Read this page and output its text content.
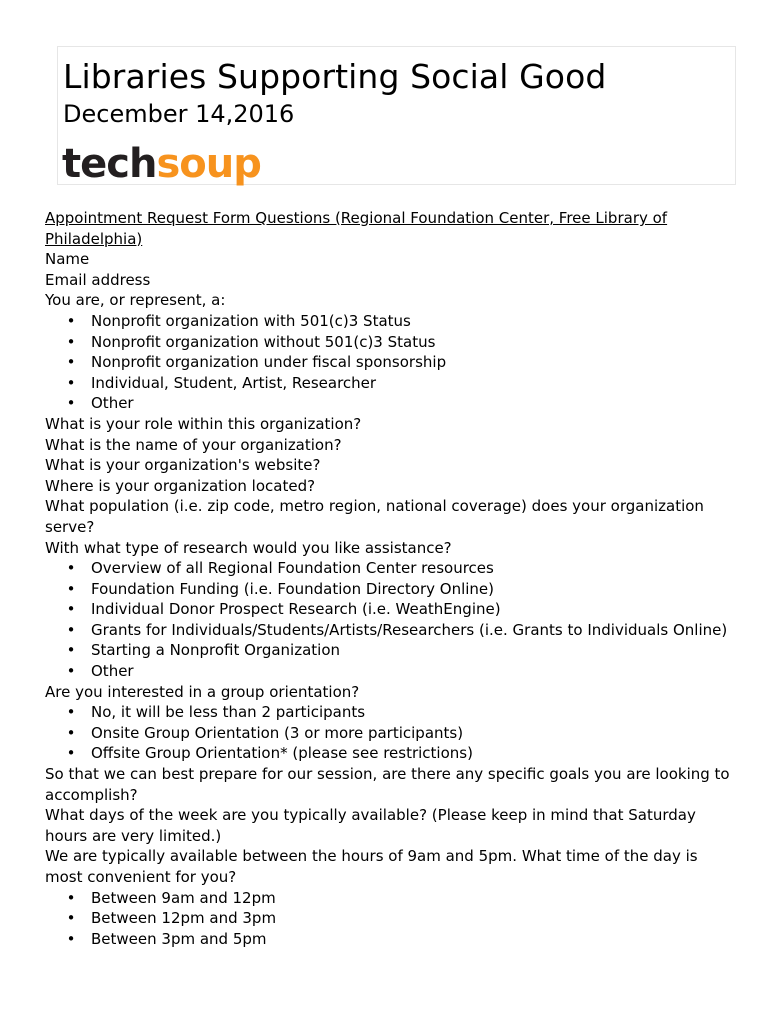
Libraries Supporting Social Good
December 14,2016
techsoup

Appointment Request Form Questions (Regional Foundation Center, Free Library of Philadelphia)

Name

Email address

You are, or represent, a:

• Nonprofit organization with 501(c)3 Status
• Nonprofit organization without 501(c)3 Status
• Nonprofit organization under fiscal sponsorship
• Individual, Student, Artist, Researcher
• Other

What is your role within this organization?

What is the name of your organization?

What is your organization's website?

Where is your organization located?

What population (i.e. zip code, metro region, national coverage) does your organization serve?

With what type of research would you like assistance?

• Overview of all Regional Foundation Center resources
• Foundation Funding (i.e. Foundation Directory Online)
• Individual Donor Prospect Research (i.e. WeathEngine)
• Grants for Individuals/Students/Artists/Researchers (i.e. Grants to Individuals Online)
• Starting a Nonprofit Organization
• Other

Are you interested in a group orientation?

• No, it will be less than 2 participants
• Onsite Group Orientation (3 or more participants)
• Offsite Group Orientation* (please see restrictions)

So that we can best prepare for our session, are there any specific goals you are looking to accomplish?

What days of the week are you typically available? (Please keep in mind that Saturday hours are very limited.)

We are typically available between the hours of 9am and 5pm. What time of the day is most convenient for you?

• Between 9am and 12pm
• Between 12pm and 3pm
• Between 3pm and 5pm
